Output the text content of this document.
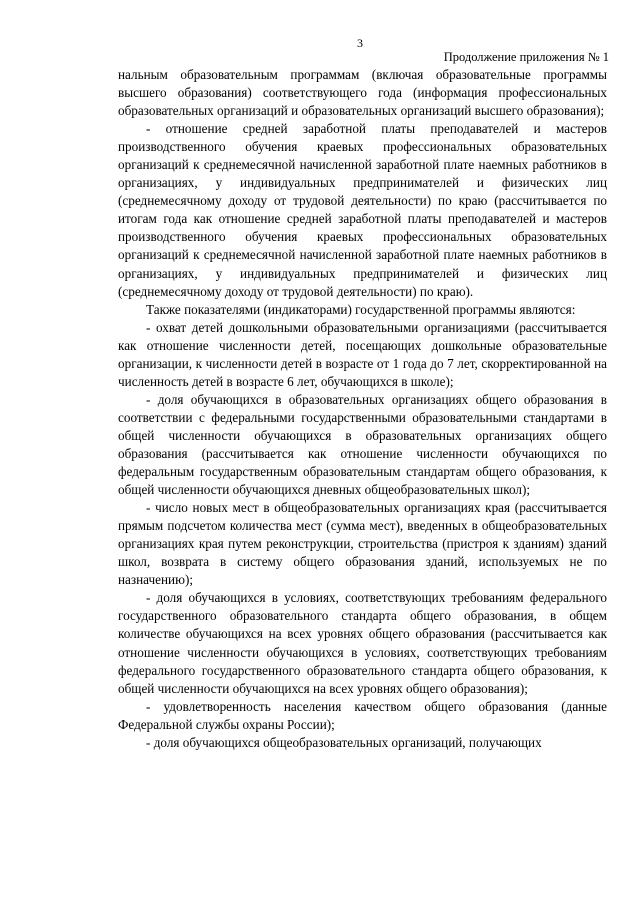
3
Продолжение приложения № 1

нальным образовательным программам (включая образовательные программы высшего образования) соответствующего года (информация профессиональных образовательных организаций и образовательных организаций высшего образования);

- отношение средней заработной платы преподавателей и мастеров производственного обучения краевых профессиональных образовательных организаций к среднемесячной начисленной заработной плате наемных работников в организациях, у индивидуальных предпринимателей и физических лиц (среднемесячному доходу от трудовой деятельности) по краю (рассчитывается по итогам года как отношение средней заработной платы преподавателей и мастеров производственного обучения краевых профессиональных образовательных организаций к среднемесячной начисленной заработной плате наемных работников в организациях, у индивидуальных предпринимателей и физических лиц (среднемесячному доходу от трудовой деятельности) по краю).

Также показателями (индикаторами) государственной программы являются:

- охват детей дошкольными образовательными организациями (рассчитывается как отношение численности детей, посещающих дошкольные образовательные организации, к численности детей в возрасте от 1 года до 7 лет, скорректированной на численность детей в возрасте 6 лет, обучающихся в школе);

- доля обучающихся в образовательных организациях общего образования в соответствии с федеральными государственными образовательными стандартами в общей численности обучающихся в образовательных организациях общего образования (рассчитывается как отношение численности обучающихся по федеральным государственным образовательным стандартам общего образования, к общей численности обучающихся дневных общеобразовательных школ);

- число новых мест в общеобразовательных организациях края (рассчитывается прямым подсчетом количества мест (сумма мест), введенных в общеобразовательных организациях края путем реконструкции, строительства (пристроя к зданиям) зданий школ, возврата в систему общего образования зданий, используемых не по назначению);

- доля обучающихся в условиях, соответствующих требованиям федерального государственного образовательного стандарта общего образования, в общем количестве обучающихся на всех уровнях общего образования (рассчитывается как отношение численности обучающихся в условиях, соответствующих требованиям федерального государственного образовательного стандарта общего образования, к общей численности обучающихся на всех уровнях общего образования);

- удовлетворенность населения качеством общего образования (данные Федеральной службы охраны России);

- доля обучающихся общеобразовательных организаций, получающих
